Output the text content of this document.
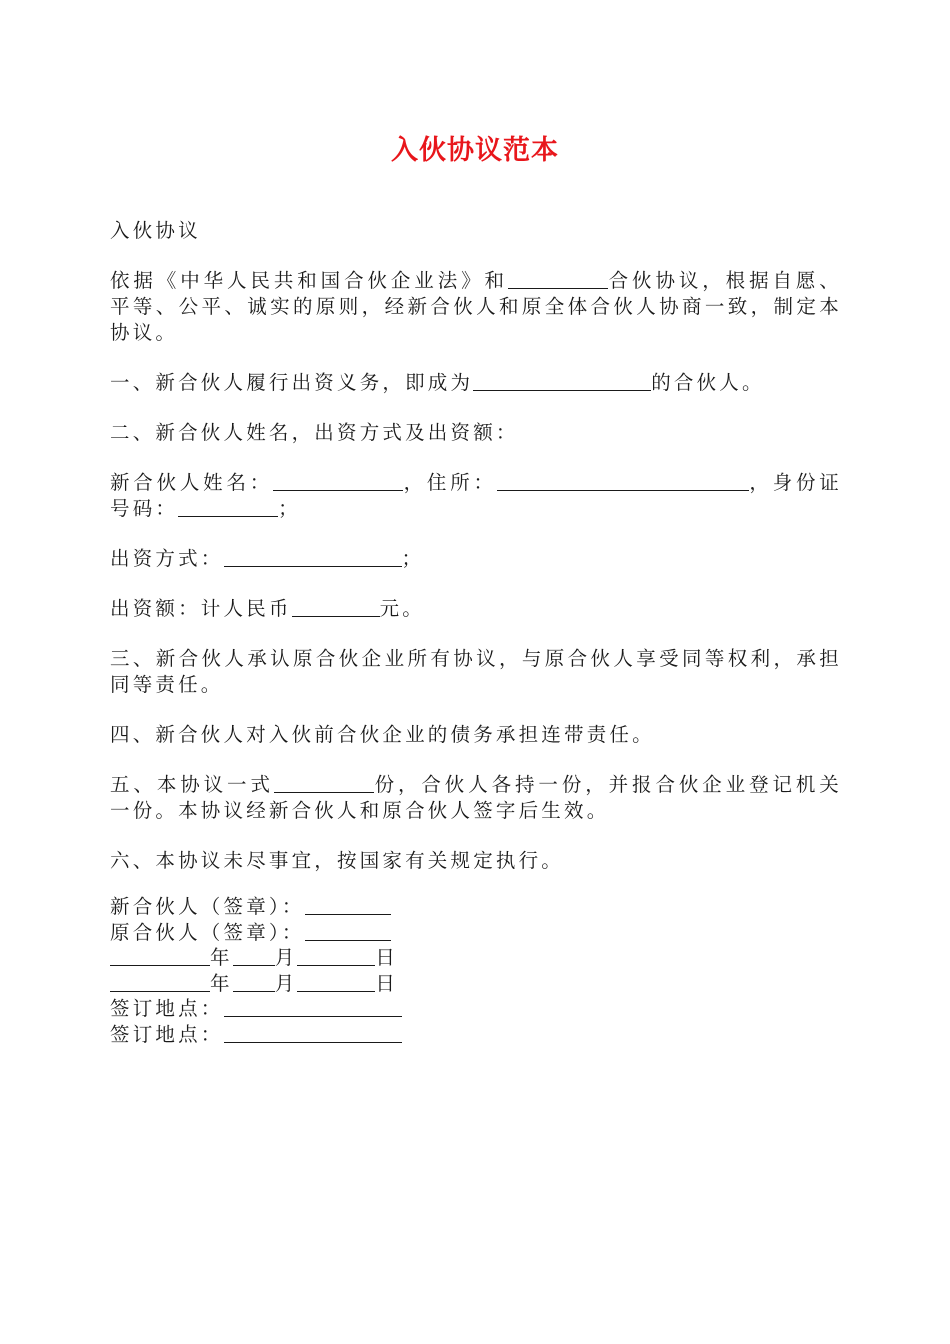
入伙协议范本

入伙协议

依据《中华人民共和国合伙企业法》和	合伙协议，根据自愿、平等、公平、诚实的原则，经新合伙人和原全体合伙人协商一致，制定本协议。

一、新合伙人履行出资义务，即成为	的合伙人。

二、新合伙人姓名，出资方式及出资额：

新合伙人姓名：	，住所：	，身份证号码：	；

出资方式：	；

出资额：计人民币	元。

三、新合伙人承认原合伙企业所有协议，与原合伙人享受同等权利，承担同等责任。

四、新合伙人对入伙前合伙企业的债务承担连带责任。

五、本协议一式	份，合伙人各持一份，并报合伙企业登记机关一份。本协议经新合伙人和原合伙人签字后生效。

六、本协议未尽事宜，按国家有关规定执行。

新合伙人（签章）：

原合伙人（签章）：

年 月	日

年 月	日

签订地点：

签订地点：
